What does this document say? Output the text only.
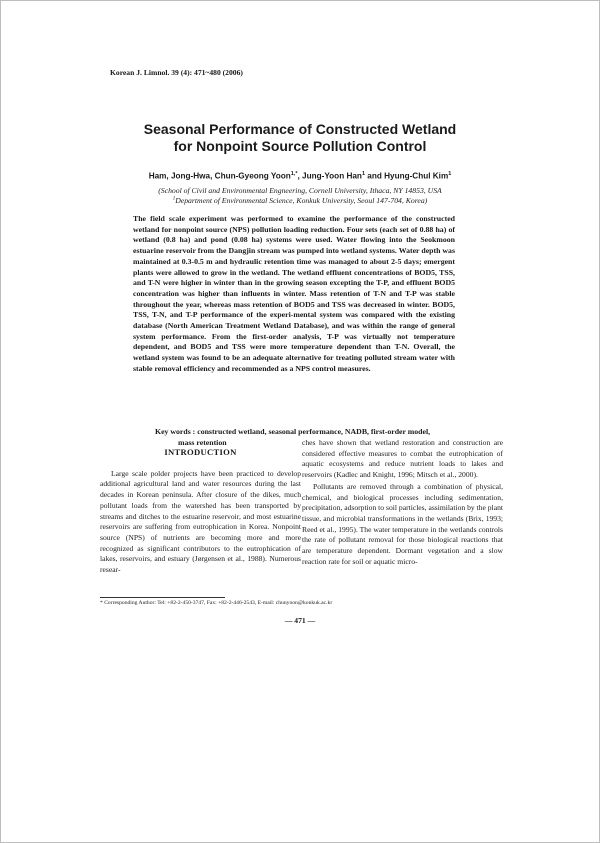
Korean J. Limnol. 39 (4): 471~480 (2006)
Seasonal Performance of Constructed Wetland
for Nonpoint Source Pollution Control
Ham, Jong-Hwa, Chun-Gyeong Yoon$^{1,*}$, Jung-Yoon Han$^1$ and Hyung-Chul Kim$^1$
(School of Civil and Environmental Engneering, Cornell University, Ithaca, NY 14853, USA
$^1$Department of Environmental Science, Konkuk University, Seoul 147-704, Korea)
The field scale experiment was performed to examine the performance of the constructed wetland for nonpoint source (NPS) pollution loading reduction. Four sets (each set of 0.88 ha) of wetland (0.8 ha) and pond (0.08 ha) systems were used. Water flowing into the Seokmoon estuarine reservoir from the Dangjin stream was pumped into wetland systems. Water depth was maintained at 0.3-0.5 m and hydraulic retention time was managed to about 2-5 days; emergent plants were allowed to grow in the wetland. The wetland effluent concentrations of BOD5, TSS, and T-N were higher in winter than in the growing season excepting the T-P, and effluent BOD5 concentration was higher than influents in winter. Mass retention of T-N and T-P was stable throughout the year, whereas mass retention of BOD5 and TSS was decreased in winter. BOD5, TSS, T-N, and T-P performance of the experi-mental system was compared with the existing database (North American Treatment Wetland Database), and was within the range of general system performance. From the first-order analysis, T-P was virtually not temperature dependent, and BOD5 and TSS were more temperature dependent than T-N. Overall, the wetland system was found to be an adequate alternative for treating polluted stream water with stable removal efficiency and recommended as a NPS control measures.
Key words : constructed wetland, seasonal performance, NADB, first-order model,
mass retention
INTRODUCTION

Large scale polder projects have been practiced to develop additional agricultural land and water resources during the last decades in Korean peninsula. After closure of the dikes, much pollutant loads from the watershed has been transported by streams and ditches to the estuarine reservoir, and most estuarine reservoirs are suffering from eutrophication in Korea. Nonpoint source (NPS) of nutrients are becoming more and more recognized as significant contributors to the eutrophication of lakes, reservoirs, and estuary (Jørgensen et al., 1988). Numerous resear-

ches have shown that wetland restoration and construction are considered effective measures to combat the eutrophication of aquatic ecosystems and reduce nutrient loads to lakes and reservoirs (Kadlec and Knight, 1996; Mitsch et al., 2000).

Pollutants are removed through a combination of physical, chemical, and biological processes including sedimentation, precipitation, adsorption to soil particles, assimilation by the plant tissue, and microbial transformations in the wetlands (Brix, 1993; Reed et al., 1995). The water temperature in the wetlands controls the rate of pollutant removal for those biological reactions that are temperature dependent. Dormant vegetation and a slow reaction rate for soil or aquatic micro-

* Corresponding Author: Tel: +82-2-450-3747, Fax: +82-2-446-2543, E-mail: chunyoon@konkuk.ac.kr
— 471 —
